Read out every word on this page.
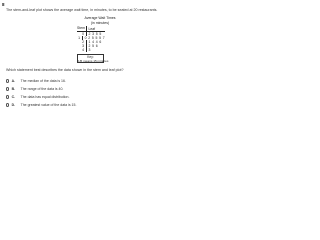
8
The stem-and-leaf plot shows the average wait time, in minutes, to be seated at 20 restaurants.
Average Wait Times
(in minutes)
Stem	Leaf
0	2 3 5 5
1	0 2 5 5 5 7
2	1 4 4 6
3	2 5 6
4	3
Key:
1|5 means 15 minutes
Which statement best describes the data shown in the stem and leaf plot?
A. The median of the data is 16.
B. The range of the data is 40.
C. The data has equal distribution.
D. The greatest value of the data is 15.
